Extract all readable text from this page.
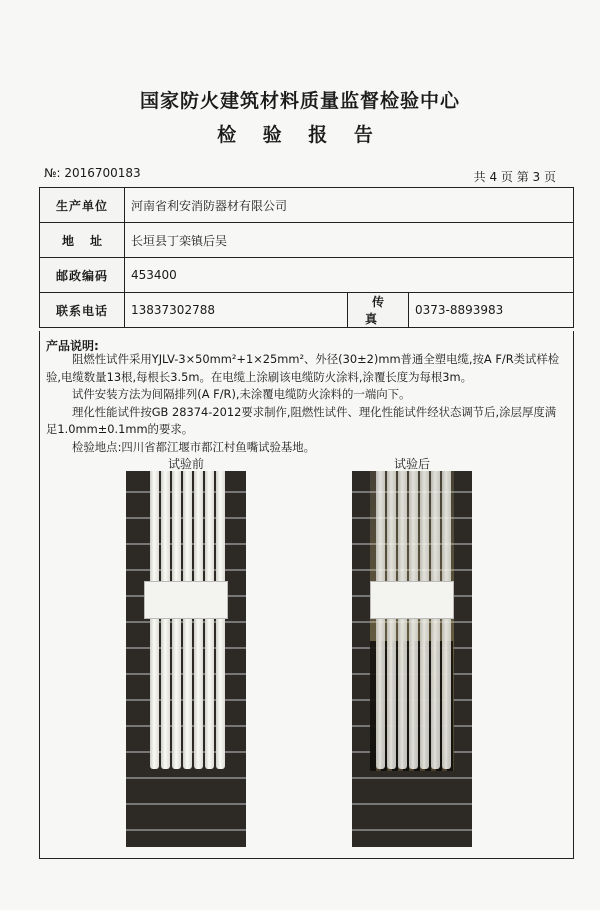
国家防火建筑材料质量监督检验中心
检 验 报 告
№: 2016700183	共 4 页 第 3 页
生产单位	河南省利安消防器材有限公司		
地址	长垣县丁栾镇后吴		
邮政编码	453400		
联系电话	13837302788	传真	0373-8893983
产品说明:

阻燃性试件采用YJLV-3×50mm²+1×25mm²、外径(30±2)mm普通全塑电缆,按A F/R类试样检验,电缆数量13根,每根长3.5m。在电缆上涂刷该电缆防火涂料,涂覆长度为每根3m。

试件安装方法为间隔排列(A F/R),未涂覆电缆防火涂料的一端向下。

理化性能试件按GB 28374-2012要求制作,阻燃性试件、理化性能试件经状态调节后,涂层厚度满足1.0mm±0.1mm的要求。

检验地点:四川省都江堰市都江村鱼嘴试验基地。

试验前	试验后
